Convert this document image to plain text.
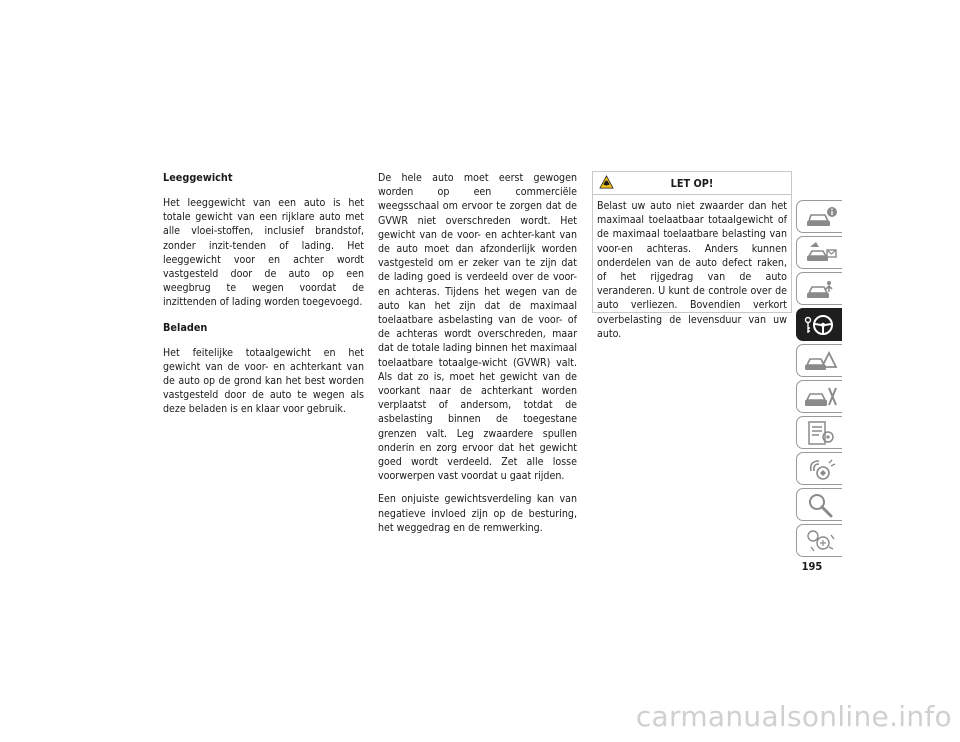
Leeggewicht

Het leeggewicht van een auto is het totale gewicht van een rijklare auto met alle vloei-stoffen, inclusief brandstof, zonder inzit-tenden of lading. Het leeggewicht voor en achter wordt vastgesteld door de auto op een weegbrug te wegen voordat de inzittenden of lading worden toegevoegd.

Beladen

Het feitelijke totaalgewicht en het gewicht van de voor- en achterkant van de auto op de grond kan het best worden vastgesteld door de auto te wegen als deze beladen is en klaar voor gebruik.

De hele auto moet eerst gewogen worden op een commerciële weegsschaal om ervoor te zorgen dat de GVWR niet overschreden wordt. Het gewicht van de voor- en achter-kant van de auto moet dan afzonderlijk worden vastgesteld om er zeker van te zijn dat de lading goed is verdeeld over de voor- en achteras. Tijdens het wegen van de auto kan het zijn dat de maximaal toelaatbare asbelasting van de voor- of de achteras wordt overschreden, maar dat de totale lading binnen het maximaal toelaatbare totaalge-wicht (GVWR) valt. Als dat zo is, moet het gewicht van de voorkant naar de achterkant worden verplaatst of andersom, totdat de asbelasting binnen de toegestane grenzen valt. Leg zwaardere spullen onderin en zorg ervoor dat het gewicht goed wordt verdeeld. Zet alle losse voorwerpen vast voordat u gaat rijden.

Een onjuiste gewichtsverdeling kan van negatieve invloed zijn op de besturing, het weggedrag en de remwerking.

LET OP!
Belast uw auto niet zwaarder dan het maximaal toelaatbaar totaalgewicht of de maximaal toelaatbare belasting van voor-en achteras. Anders kunnen onderdelen van de auto defect raken, of het rijgedrag van de auto veranderen. U kunt de controle over de auto verliezen. Bovendien verkort overbelasting de levensduur van uw auto.
195
carmanualsonline.info
